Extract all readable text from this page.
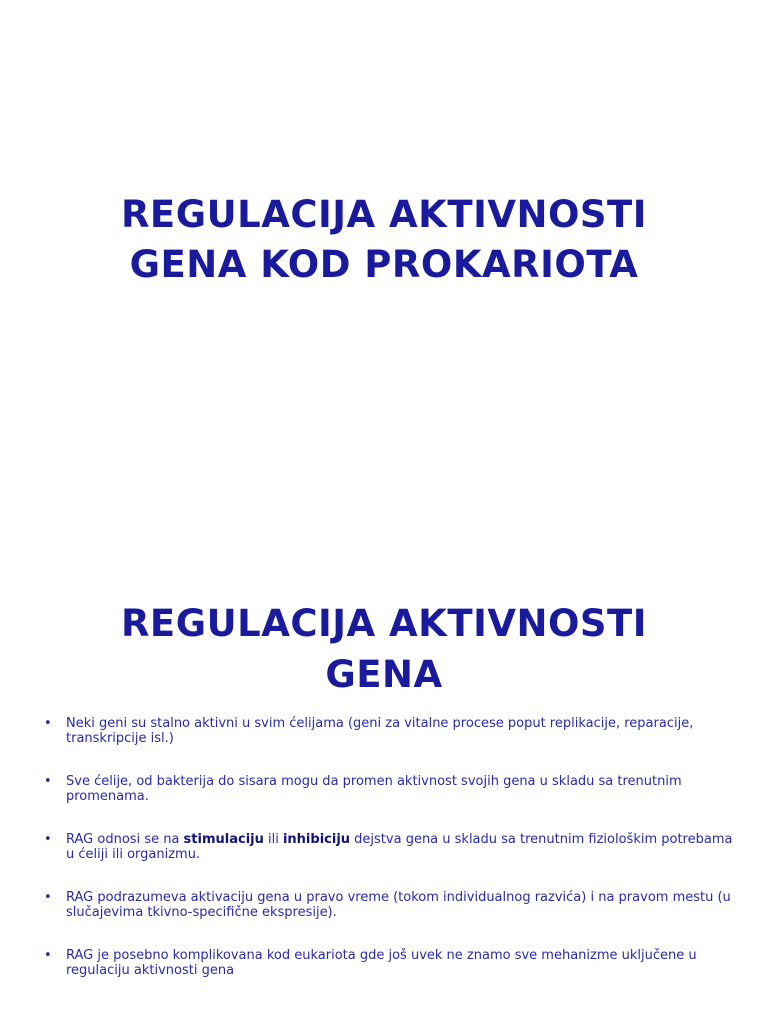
REGULACIJA AKTIVNOSTI
GENA KOD PROKARIOTA
REGULACIJA AKTIVNOSTI
GENA
• Neki geni su stalno aktivni u svim ćelijama (geni za vitalne procese poput replikacije, reparacije, transkripcije isl.)
• Sve ćelije, od bakterija do sisara mogu da promen aktivnost svojih gena u skladu sa trenutnim promenama.
• RAG odnosi se na stimulaciju ili inhibiciju dejstva gena u skladu sa trenutnim fiziološkim potrebama u ćeliji ili organizmu.
• RAG podrazumeva aktivaciju gena u pravo vreme (tokom individualnog razvića) i na pravom mestu (u slučajevima tkivno-specifične ekspresije).
• RAG je posebno komplikovana kod eukariota gde još uvek ne znamo sve mehanizme uključene u regulaciju aktivnosti gena
